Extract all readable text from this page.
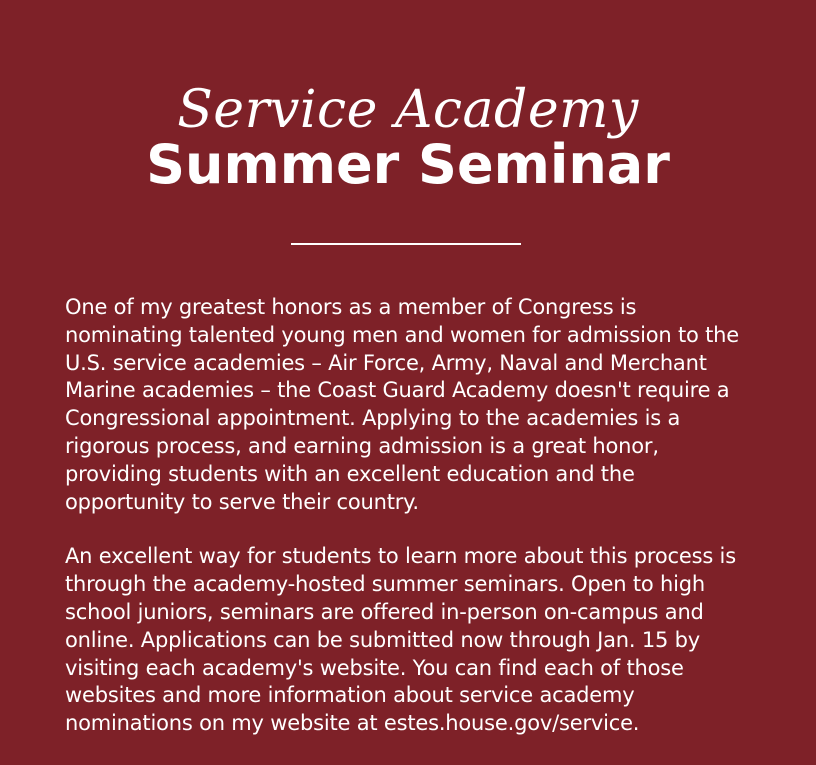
Service Academy
Summer Seminar

One of my greatest honors as a member of Congress is nominating talented young men and women for admission to the U.S. service academies – Air Force, Army, Naval and Merchant Marine academies – the Coast Guard Academy doesn't require a Congressional appointment. Applying to the academies is a rigorous process, and earning admission is a great honor, providing students with an excellent education and the opportunity to serve their country.

An excellent way for students to learn more about this process is through the academy-hosted summer seminars. Open to high school juniors, seminars are offered in-person on-campus and online. Applications can be submitted now through Jan. 15 by visiting each academy's website. You can find each of those websites and more information about service academy nominations on my website at estes.house.gov/service.
